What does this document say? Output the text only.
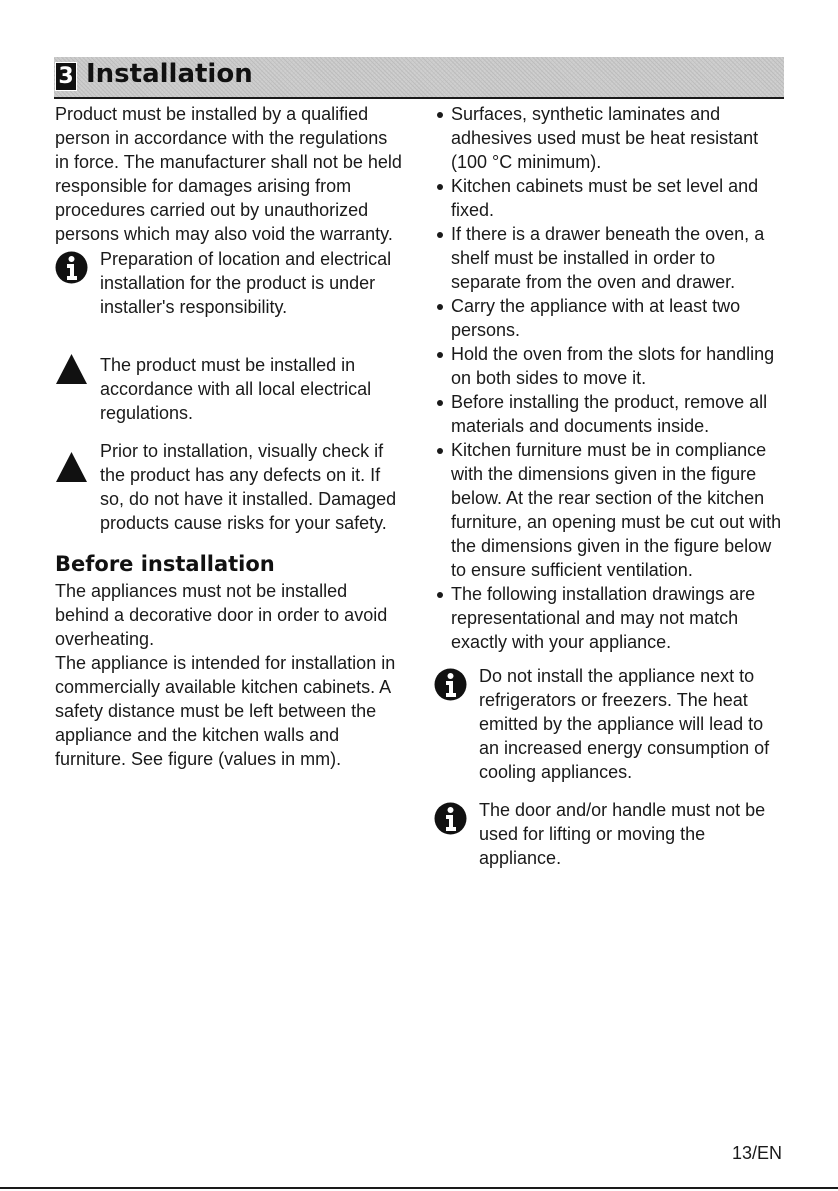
3 Installation

Product must be installed by a qualified person in accordance with the regulations in force. The manufacturer shall not be held responsible for damages arising from procedures carried out by unauthorized persons which may also void the warranty.

Preparation of location and electrical installation for the product is under installer's responsibility.

The product must be installed in accordance with all local electrical regulations.

Prior to installation, visually check if the product has any defects on it. If so, do not have it installed. Damaged products cause risks for your safety.

Before installation

The appliances must not be installed behind a decorative door in order to avoid overheating.

The appliance is intended for installation in commercially available kitchen cabinets. A safety distance must be left between the appliance and the kitchen walls and furniture. See figure (values in mm).

Surfaces, synthetic laminates and adhesives used must be heat resistant (100 °C minimum).
Kitchen cabinets must be set level and fixed.
If there is a drawer beneath the oven, a shelf must be installed in order to separate from the oven and drawer.
Carry the appliance with at least two persons.
Hold the oven from the slots for handling on both sides to move it.
Before installing the product, remove all materials and documents inside.
Kitchen furniture must be in compliance with the dimensions given in the figure below. At the rear section of the kitchen furniture, an opening must be cut out with the dimensions given in the figure below to ensure sufficient ventilation.
The following installation drawings are representational and may not match exactly with your appliance.

Do not install the appliance next to refrigerators or freezers. The heat emitted by the appliance will lead to an increased energy consumption of cooling appliances.

The door and/or handle must not be used for lifting or moving the appliance.

13/EN
